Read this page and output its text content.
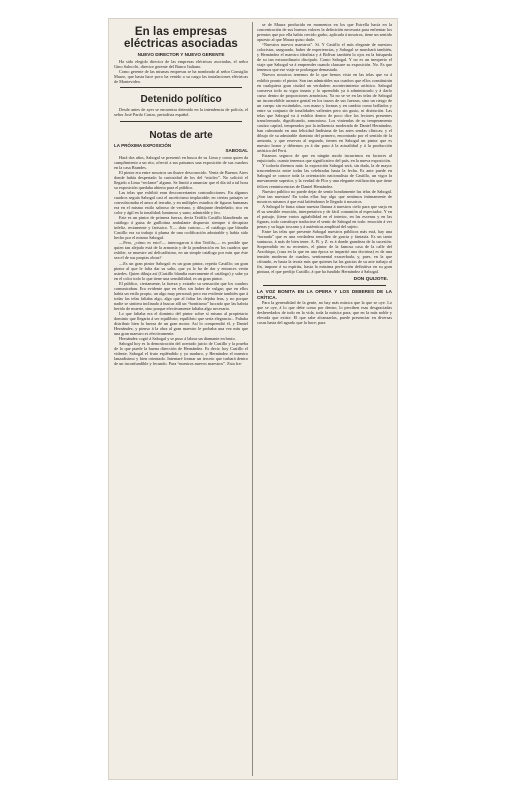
En las empresas eléctricas asociadas
NUEVO DIRECTOR Y NUEVO GERENTE

Ha sido elegido director de las empresas eléctricas asociadas, el señor Gino Salocchi, director gerente del Banco Italiano.

Como gerente de las mismas empresas se ha nombrado al señor Consiglio Marzo, que hasta hace poco ha venido a su cargo las instalaciones eléctricas de Montevideo.

Detenido político

Desde antes de ayer se encuentra detenido en la intendencia de policía, el señor José Pardo Castro, periodista español.

Notas de arte
LA PRÓXIMA EXPOSICIÓN
SABOGAL

Hará dos años, Sabogal se presentó en busca de su Lima y como quien da cumplimiento a un rito, ofreció a sus paisanos una exposición de sus cuadros en la casa Brandes.

El pintor era entre nosotros un ilustre desconocido. Venía de Buenos Aires donde había despertado la curiosidad de los del “núcleo”. No solicitó el llegado a Lima “reclame” alguno. Se limitó a anunciar que el día tal a tal hora su exposición quedaba abierta para el público.

Las telas que exhibió eran desconcertantes contradicciones. En algunos cuadros seguía Sabogal casi el asceticismo implacable; en ciertas paisajes se convulsionaba el amor al terruño, y en múltiples estudios de figuras humanas era en el mismo estilo sabroso de verismo, y dibujante desdeñado; rico en color y ágil en la tonalidad; luminoso y sano; admirable y feo.

Este es un pintor de primera fuerza, decía Teófilo Castillo blandiendo un catálogo á guisa de guillotina ambulante dispuesto siempre á decapitar infeliz, rectamente y farisaico. Y— dato curioso— el catálogo que blandía Castillo era su trabajo á pluma de una codificación admirable y había sido hecho por el mismo Sabogal.

—Pero, ¿cómo es esto?— interrogaron á don Teófilo,— es posible que quien tan alejado está de la armonía y de la ponderación en los cuadros que exhibe, se muestre así delicadísimo, en un simple catálogo por más que éste sea el de sus propias obras?

—Es un gran pintor Sabogal: es un gran pintor, repetía Castillo; un gran pintor al que le falta dar su salto, que ya lo ha de dar y entonces verán ustedes. Quien dibuja así (Castillo blandía nuevamente el catálogo) y sabe ya en el color todo lo que tiene una sensibilidad, es un gran pintor.

El público, ciertamente, la fuerza y extraño su sensación que los cuadros comunicaban. Era evidente que en ellos sin haber de vulgar; que en ellos había un estilo propio, un algo muy personal; pero era evidente también que á todas las telas faltaba algo, algo que al faltar las dejaba feas, y no porque nadie se sintiera inclinado á buscar allí un “bonitismo” lucrado que las habría herido de muerte, sino porque efectivamente faltaba algo necesario.

Lo que faltaba era el dominio del pintor sobre sí mismo al propietario dominio que llegaría á ser equilibrio; equilibrio que sería elegancia... Faltaba distribuir bien la fuerza de un gran motor. Así lo comprendió él, y Daniel Hernández, y pienso á la obra al gran maestro le probaba una vez más que una gran maestro es efectivamente.

Hernández cogió á Sabogal y se puso á labrar un diamante en bruto.

Sabogal hoy es la demostración del acertado juicio de Castillo y la prueba de lo que puede la buena dirección de Hernández. Es decir; hoy Castillo el vidente, Sabogal el fruto espléndido y ya maduro, y Hernández el maestro lanzadisimo y bien orientado. Intentaré formar un terceto que turbará dentro de un inconfundible y fecundo. Para “nuestros nuevos maestros”. Esta fra-

se de Maura producida en momentos en los que Estrella hacía en la concentración de sus buenos valores la definición necesaria para enfrentar los premios que por ella había crecido garbo, aplicada á nosotros, tiene un sentido opuesto al que Maura quiso darle.

“Nuestros nuevos maestros”. Sí. Y Castillo el más elegante de nuestros coloristas, asegurado, haber de experiencias, y Sabogal se marchará también, y Hernández el maestro idealista y á Bolívar también lo ojos en la búsqueda de su tan extraordinario discípulo. Como Sabogal. Y no es un inexperto el viaje que Sabogal va á emprender cuando clausure su exposición. No. Es que tenemos que ese viaje se prolongue demasiado.

Nuevos nosotros tenemos de lo que hemos visto en las telas que va á exhibir pronto el pintor. Son tan admirables sus cuadros que ellos constituirán en cualquiera gran ciudad un verdadero acontecimiento artístico. Sabogal conserva todo su vigor innato y lo aprendido ya á administrarlo y á darlo curso dentro de proporciones armónicas. Ya no se ve en las telas de Sabogal un inconcebible arrastre genial en los trazos de sus fuerzas, sino un riesgo de un cuerpo sin escándalos, con mano y formas y en cambio como brillados y entre su conjunto de tonalidades valientes pero sin gusto, ni distinción. Las telas que Sabogal va á exhibir dentro de poco dice los lectores presentes transformado, dignificando, armonioso. Los viniendas de su temperamento castizo capital, temperados por la influencia moderada de Daniel Hernández, han culminado en una felicidad lindísima de las artes sendas clásicas; y el dibujo de su admirable dominio del primero, encontrado por el sentido de la armonía, y que reservas al segundo, tienen en Sabogal un pintor que es nuestro honor y debemos ya á dar paso á la actualidad y á la producción artística del Perú.

Estamos seguros de que en ningún modo incurrimos en factores al enjuiciarlo, cuanto tenemos que significativo del país, en la nueva exposición.

Y todavía diremos más: la exposición Sabogal será, sin duda, la de mayor trascendencia entre todas las celebradas hasta la fecha. Es ante puede en Sabogal se conoce toda la orientación nacionalista de Castillo, un vigor la nuevamente superior, y la verdad de Flor y una elegante estilización que tiene felices reminiscencias de Daniel Hernández.

Nuestro público no puede dejar de sentir hondamente las telas de Sabogal. ¡Son tan nuestras! En todas ellas hay algo que sentimos íntimamente de nosotros mismos á que está latiéndonos le llegado á nosotros.

A Sabogal le basta situar nuestra llanura á nuestros cielo para que surja en él su sensible emoción, interpretativa y de fácil comunión al espectador. Y en el paisaje, (tiene varios agitabilidad en el interior, en las escenas y en las figuras, todo constituye traducirse el sentir de Sabogal en todo: emoción á ver penas y su lugar toscano y á auténticas amplitud del sujeto.

Entre las telas que presente Sabogal nuestros públicos más está, hay una “tornada” que es una verdadera sencillez de gracia y fantasía. Es un tanto suntuoso, á más de bien tener. A. B. y Z. es á donde grandeza de la sucesión. Sorprendido en su recientes, el pintor de la famosa casa de la calle del Arzobispo, (casa en la que en una época se impartió una doctrina) es de una tensión moderna de cuadros, sentimental exacerbada, y, pues, en la que cifrando, es hasta la teoría más que quienes ha las gracias de su arte trabajo al fin, impone á su espíritu, hasta la máxima perfección definitiva en su gran pintura, el que predijo Castillo, á que ha fundido Hernández á Sabogal.

DON QUIJOTE.
LA VOZ BONITA EN LA OPERA Y LOS DEBERES DE LA CRÍTICA.

Para la generalidad de la gente, no hay más música que la que se oye. Lo que se oye, á lo que debe como por dentro, lo perciben esas desgraciadas desheredados de todo en la vida, toda la música para, que en la más noble y elevada que existe. El que sabe alcanzarlas, puede presenciar en diversas cosas hasta del agrado que la hace; para
